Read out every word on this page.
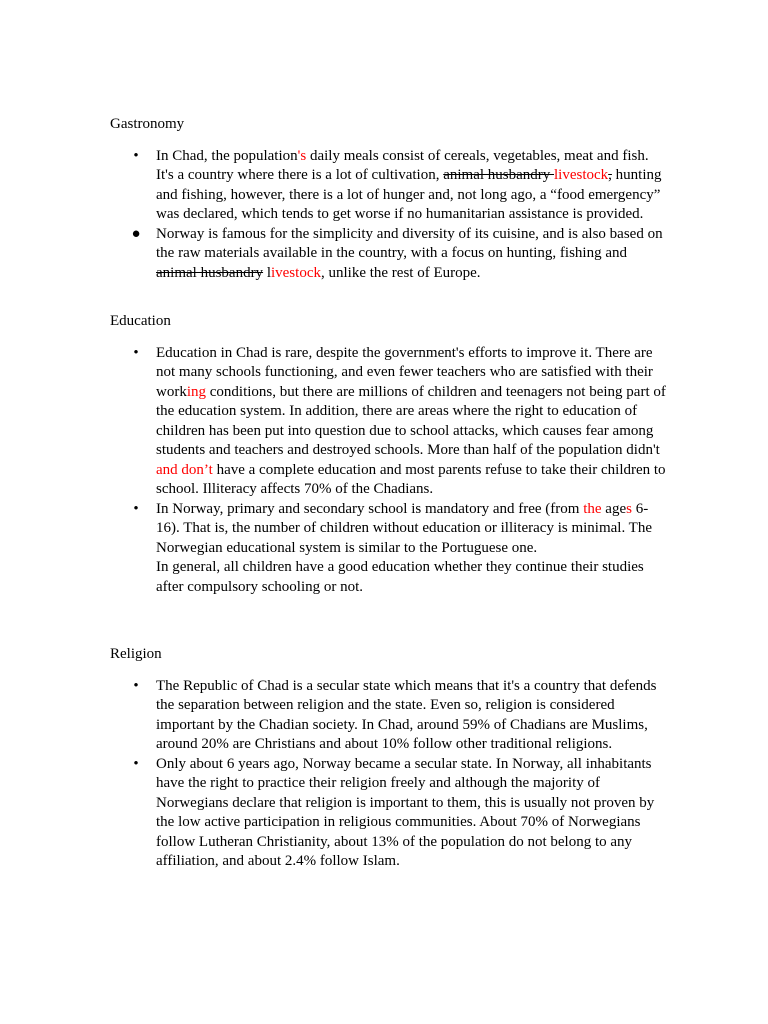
Gastronomy
• In Chad, the population's daily meals consist of cereals, vegetables, meat and fish. It's a country where there is a lot of cultivation, animal husbandry livestock, hunting and fishing, however, there is a lot of hunger and, not long ago, a “food emergency” was declared, which tends to get worse if no humanitarian assistance is provided.
● Norway is famous for the simplicity and diversity of its cuisine, and is also based on the raw materials available in the country, with a focus on hunting, fishing and animal husbandry livestock, unlike the rest of Europe.
Education
• Education in Chad is rare, despite the government's efforts to improve it. There are not many schools functioning, and even fewer teachers who are satisfied with their working conditions, but there are millions of children and teenagers not being part of the education system. In addition, there are areas where the right to education of children has been put into question due to school attacks, which causes fear among students and teachers and destroyed schools. More than half of the population didn't and don’t have a complete education and most parents refuse to take their children to school. Illiteracy affects 70% of the Chadians.
• In Norway, primary and secondary school is mandatory and free (from the ages 6-16). That is, the number of children without education or illiteracy is minimal. The Norwegian educational system is similar to the Portuguese one.
In general, all children have a good education whether they continue their studies after compulsory schooling or not.
Religion
• The Republic of Chad is a secular state which means that it's a country that defends the separation between religion and the state. Even so, religion is considered important by the Chadian society. In Chad, around 59% of Chadians are Muslims, around 20% are Christians and about 10% follow other traditional religions.
• Only about 6 years ago, Norway became a secular state. In Norway, all inhabitants have the right to practice their religion freely and although the majority of Norwegians declare that religion is important to them, this is usually not proven by the low active participation in religious communities. About 70% of Norwegians follow Lutheran Christianity, about 13% of the population do not belong to any affiliation, and about 2.4% follow Islam.
